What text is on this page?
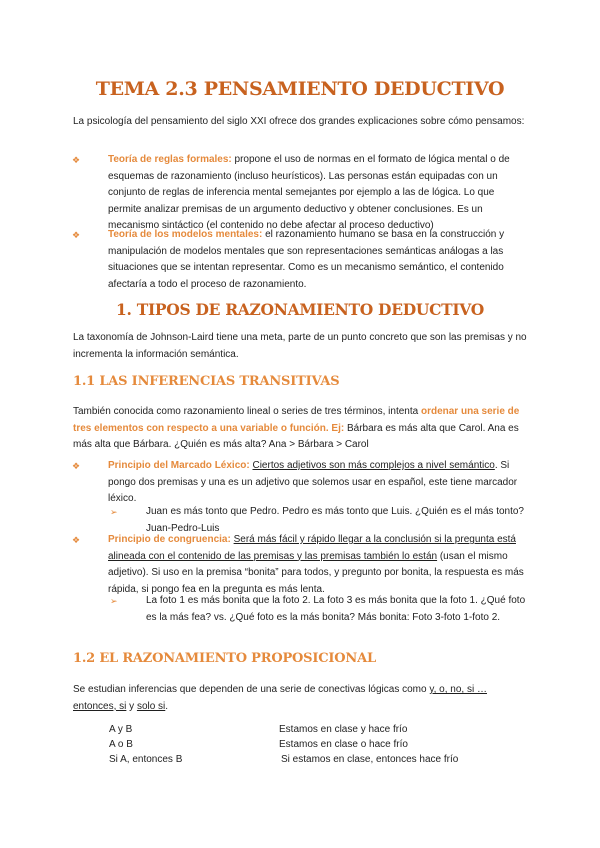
TEMA 2.3 PENSAMIENTO DEDUCTIVO
La psicología del pensamiento del siglo XXI ofrece dos grandes explicaciones sobre cómo pensamos:
❖	Teoría de reglas formales: propone el uso de normas en el formato de lógica mental o de esquemas de razonamiento (incluso heurísticos). Las personas están equipadas con un conjunto de reglas de inferencia mental semejantes por ejemplo a las de lógica. Lo que permite analizar premisas de un argumento deductivo y obtener conclusiones. Es un mecanismo sintáctico (el contenido no debe afectar al proceso deductivo)
❖	Teoría de los modelos mentales: el razonamiento humano se basa en la construcción y manipulación de modelos mentales que son representaciones semánticas análogas a las situaciones que se intentan representar. Como es un mecanismo semántico, el contenido afectaría a todo el proceso de razonamiento.
1. TIPOS DE RAZONAMIENTO DEDUCTIVO
La taxonomía de Johnson-Laird tiene una meta, parte de un punto concreto que son las premisas y no incrementa la información semántica.
1.1 LAS INFERENCIAS TRANSITIVAS
También conocida como razonamiento lineal o series de tres términos, intenta ordenar una serie de tres elementos con respecto a una variable o función. Ej: Bárbara es más alta que Carol. Ana es más alta que Bárbara. ¿Quién es más alta? Ana > Bárbara > Carol
❖	Principio del Marcado Léxico: Ciertos adjetivos son más complejos a nivel semántico. Si pongo dos premisas y una es un adjetivo que solemos usar en español, este tiene marcador léxico.
➢	Juan es más tonto que Pedro. Pedro es más tonto que Luis. ¿Quién es el más tonto? Juan-Pedro-Luis
❖	Principio de congruencia: Será más fácil y rápido llegar a la conclusión si la pregunta está alineada con el contenido de las premisas y las premisas también lo están (usan el mismo adjetivo). Si uso en la premisa “bonita” para todos, y pregunto por bonita, la respuesta es más rápida, si pongo fea en la pregunta es más lenta.
➢	La foto 1 es más bonita que la foto 2. La foto 3 es más bonita que la foto 1. ¿Qué foto es la más fea? vs. ¿Qué foto es la más bonita? Más bonita: Foto 3-foto 1-foto 2.
1.2 EL RAZONAMIENTO PROPOSICIONAL
Se estudian inferencias que dependen de una serie de conectivas lógicas como y, o, no, si … entonces, si y solo si.
A y B	Estamos en clase y hace frío
A o B	Estamos en clase o hace frío
Si A, entonces B	Si estamos en clase, entonces hace frío
